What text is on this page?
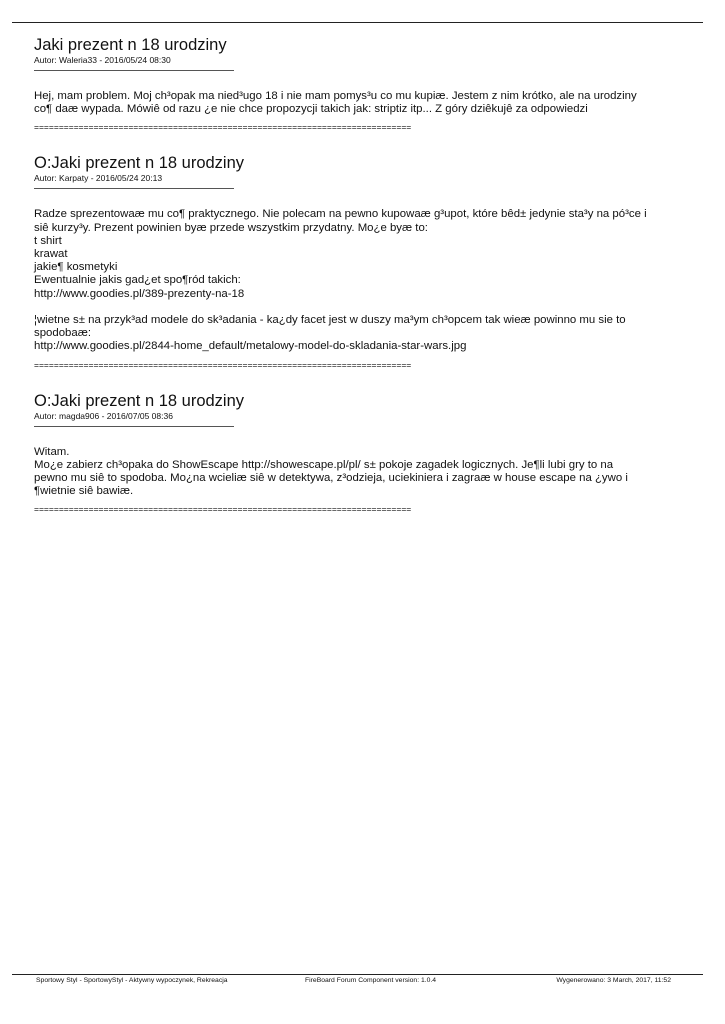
Jaki prezent n 18 urodziny
Autor: Waleria33 - 2016/05/24 08:30
Hej, mam problem. Moj ch³opak ma nied³ugo 18 i nie mam pomys³u co mu kupiæ. Jestem z nim krótko, ale na urodziny
co¶ daæ wypada. Mówiê od razu ¿e nie chce propozycji takich jak: striptiz itp... Z góry dziêkujê za odpowiedzi
============================================================================
O:Jaki prezent n 18 urodziny
Autor: Karpaty - 2016/05/24 20:13
Radze sprezentowaæ mu co¶ praktycznego. Nie polecam na pewno kupowaæ g³upot, które bêd± jedynie sta³y na pó³ce i
siê kurzy³y. Prezent powinien byæ przede wszystkim przydatny. Mo¿e byæ to:
t shirt
krawat
jakie¶ kosmetyki
Ewentualnie jakis gad¿et spo¶ród takich:
http://www.goodies.pl/389-prezenty-na-18
¦wietne s± na przyk³ad modele do sk³adania - ka¿dy facet jest w duszy ma³ym ch³opcem tak wieæ powinno mu sie to
spodobaæ:
http://www.goodies.pl/2844-home_default/metalowy-model-do-skladania-star-wars.jpg
============================================================================
O:Jaki prezent n 18 urodziny
Autor: magda906 - 2016/07/05 08:36
Witam.
Mo¿e zabierz ch³opaka do ShowEscape http://showescape.pl/pl/ s± pokoje zagadek logicznych. Je¶li lubi gry to na
pewno mu siê to spodoba. Mo¿na wcieliæ siê w detektywa, z³odzieja, uciekiniera i zagraæ w house escape na ¿ywo i
¶wietnie siê bawiæ.
============================================================================
Sportowy Styl - SportowyStyl - Aktywny wypoczynek, Rekreacja	FireBoard Forum Component version: 1.0.4	Wygenerowano: 3 March, 2017, 11:52
